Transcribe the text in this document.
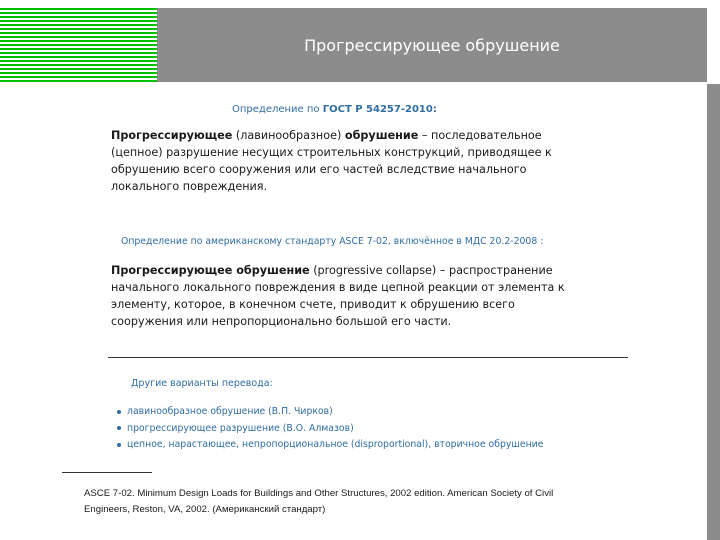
Прогрессирующее обрушение
Определение по ГОСТ Р 54257-2010:
Прогрессирующее (лавинообразное) обрушение – последовательное (цепное) разрушение несущих строительных конструкций, приводящее к обрушению всего сооружения или его частей вследствие начального локального повреждения.
Определение по американскому стандарту ASCE 7-02, включённое в МДС 20.2-2008 :
Прогрессирующее обрушение (progressive collapse) – распространение начального локального повреждения в виде цепной реакции от элемента к элементу, которое, в конечном счете, приводит к обрушению всего сооружения или непропорционально большой его части.
Другие варианты перевода:
лавинообразное обрушение (В.П. Чирков)
прогрессирующее разрушение (В.О. Алмазов)
цепное, нарастающее, непропорциональное (disproportional), вторичное обрушение
ASCE 7-02. Minimum Design Loads for Buildings and Other Structures, 2002 edition. American Society of Civil Engineers, Reston, VA, 2002. (Американский стандарт)
